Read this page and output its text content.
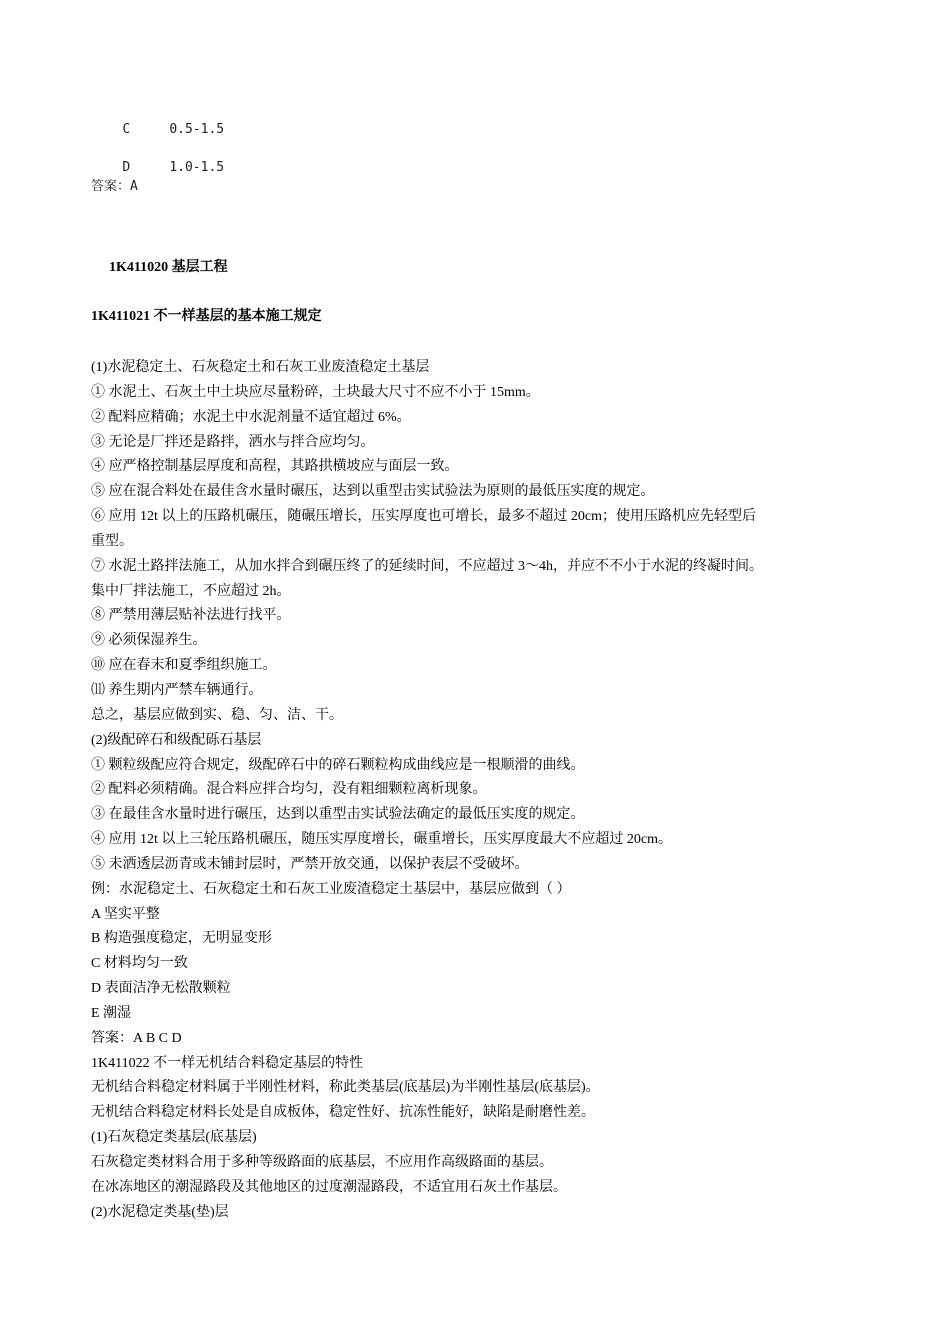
C	0.5-1.5

D	1.0-1.5

答案：A
1K411020 基层工程
1K411021 不一样基层的基本施工规定
(1)水泥稳定土、石灰稳定土和石灰工业废渣稳定土基层
① 水泥土、石灰土中土块应尽量粉碎，土块最大尺寸不应不小于 15mm。
② 配料应精确；水泥土中水泥剂量不适宜超过 6%。
③ 无论是厂拌还是路拌，洒水与拌合应均匀。
④ 应严格控制基层厚度和高程，其路拱横坡应与面层一致。
⑤ 应在混合料处在最佳含水量时碾压，达到以重型击实试验法为原则的最低压实度的规定。
⑥ 应用 12t 以上的压路机碾压，随碾压增长，压实厚度也可增长，最多不超过 20cm；使用压路机应先轻型后
重型。
⑦ 水泥土路拌法施工，从加水拌合到碾压终了的延续时间，不应超过 3～4h，并应不不小于水泥的终凝时间。
集中厂拌法施工，不应超过 2h。
⑧ 严禁用薄层贴补法进行找平。
⑨ 必须保湿养生。
⑩ 应在春末和夏季组织施工。
⑾ 养生期内严禁车辆通行。
总之，基层应做到实、稳、匀、洁、干。
(2)级配碎石和级配砾石基层
① 颗粒级配应符合规定，级配碎石中的碎石颗粒构成曲线应是一根顺滑的曲线。
② 配料必须精确。混合料应拌合均匀，没有粗细颗粒离析现象。
③ 在最佳含水量时进行碾压，达到以重型击实试验法确定的最低压实度的规定。
④ 应用 12t 以上三轮压路机碾压，随压实厚度增长，碾重增长，压实厚度最大不应超过 20cm。
⑤ 未洒透层沥青或未铺封层时，严禁开放交通，以保护表层不受破坏。
例：水泥稳定土、石灰稳定土和石灰工业废渣稳定土基层中，基层应做到（ ）
A 坚实平整
B 构造强度稳定，无明显变形
C 材料均匀一致
D 表面洁净无松散颗粒
E 潮湿
答案：A B C D
1K411022 不一样无机结合料稳定基层的特性
无机结合料稳定材料属于半刚性材料，称此类基层(底基层)为半刚性基层(底基层)。
无机结合料稳定材料长处是自成板体，稳定性好、抗冻性能好，缺陷是耐磨性差。
(1)石灰稳定类基层(底基层)
石灰稳定类材料合用于多种等级路面的底基层，不应用作高级路面的基层。
在冰冻地区的潮湿路段及其他地区的过度潮湿路段，不适宜用石灰土作基层。
(2)水泥稳定类基(垫)层
